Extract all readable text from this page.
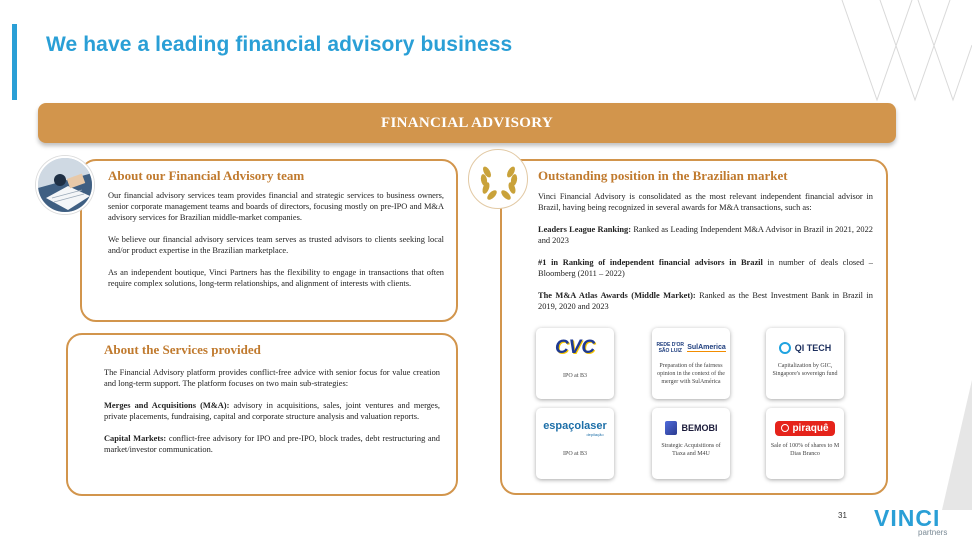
We have a leading financial advisory business
FINANCIAL ADVISORY
About our Financial Advisory team

Our financial advisory services team provides financial and strategic services to business owners, senior corporate management teams and boards of directors, focusing mostly on pre-IPO and M&A advisory services for Brazilian middle-market companies.

We believe our financial advisory services team serves as trusted advisors to clients seeking local and/or product expertise in the Brazilian marketplace.

As an independent boutique, Vinci Partners has the flexibility to engage in transactions that often require complex solutions, long-term relationships, and alignment of interests with clients.

About the Services provided

The Financial Advisory platform provides conflict-free advice with senior focus for value creation and long-term support. The platform focuses on two main sub-strategies:

Merges and Acquisitions (M&A): advisory in acquisitions, sales, joint ventures and merges, private placements, fundraising, capital and corporate structure analysis and valuation reports.

Capital Markets: conflict-free advisory for IPO and pre-IPO, block trades, debt restructuring and market/investor communication.

Outstanding position in the Brazilian market

Vinci Financial Advisory is consolidated as the most relevant independent financial advisor in Brazil, having being recognized in several awards for M&A transactions, such as:

Leaders League Ranking: Ranked as Leading Independent M&A Advisor in Brazil in 2021, 2022 and 2023

#1 in Ranking of independent financial advisors in Brazil in number of deals closed – Bloomberg (2011 – 2022)

The M&A Atlas Awards (Middle Market): Ranked as the Best Investment Bank in Brazil in 2019, 2020 and 2023

CVC
IPO at B3
REDE D'OR SÃO LUIZ SulAmerica
Preparation of the fairness opinion in the context of the merger with SulAmérica
QI TECH
Capitalization by GIC, Singapore's sovereign fund
espaçolaser
depilação
IPO at B3
BEMOBI
Strategic Acquisitions of Tiaxa and M4U
piraquê
Sale of 100% of shares to M Dias Branco
31 VINCI
partners
